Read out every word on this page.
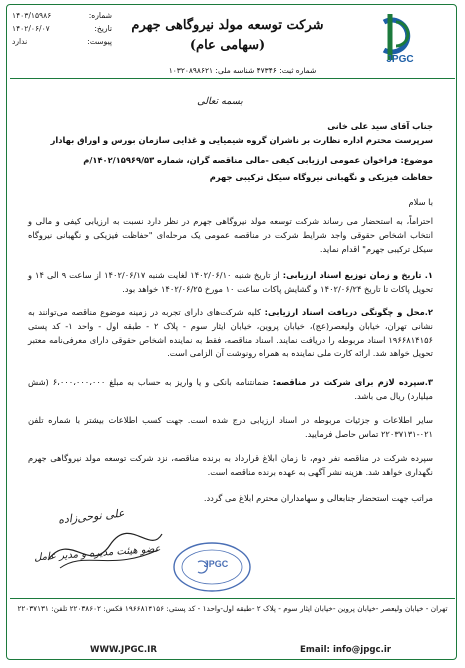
شماره:
۱۴۰۳/۱۵۹۸۶
تاریخ:
۱۴۰۲/۰۶/۰۷
پیوست:
ندارد
شرکت توسعه مولد نیروگاهی جهرم
(سهامی عام)
JPGC
شماره ثبت: ۴۷۳۴۶ شناسه ملی: ۱۰۳۲۰۸۹۸۶۲۱
بسمه تعالی
جناب آقای سید علی خانی
سرپرست محترم اداره نظارت بر ناشران گروه شیمیایی و غذایی سازمان بورس و اوراق بهادار
موضوع: فراخوان عمومی ارزیابی کیفی -مالی مناقصه گران، شماره ۱۴۰۲/۱۵۹۶۹/۵۳/م
حفاظت فیزیکی و نگهبانی نیروگاه سیکل ترکیبی جهرم
با سلام
احتراماً، به استحضار می رساند شرکت توسعه مولد نیروگاهی جهرم در نظر دارد نسبت به ارزیابی کیفی و مالی و انتخاب اشخاص حقوقی واجد شرایط شرکت در مناقصه عمومی یک مرحله‌ای "حفاظت فیزیکی و نگهبانی نیروگاه سیکل ترکیبی جهرم" اقدام نماید.
۱. تاریخ و زمان توزیع اسناد ارزیابی: از تاریخ شنبه ۱۴۰۲/۰۶/۱۰ لغایت شنبه ۱۴۰۲/۰۶/۱۷ از ساعت ۹ الی ۱۴ و تحویل پاکات تا تاریخ ۱۴۰۲/۰۶/۲۴ و گشایش پاکات ساعت ۱۰ مورخ ۱۴۰۲/۰۶/۲۵ خواهد بود.
۲.محل و چگونگی دریافت اسناد ارزیابی: کلیه شرکت‌های دارای تجربه در زمینه موضوع مناقصه می‌توانند به نشانی تهران، خیابان ولیعصر(عج)، خیابان پروین، خیابان ایثار سوم - پلاک ۲ - طبقه اول - واحد ۱- کد پستی ۱۹۶۶۸۱۴۱۵۶ اسناد مربوطه را دریافت نمایند. اسناد مناقصه، فقط به نماینده اشخاص حقوقی دارای معرفی‌نامه معتبر تحویل خواهد شد. ارائه کارت ملی نماینده به همراه رونوشت آن الزامی است.
۳.سپرده لازم برای شرکت در مناقصه: ضمانتنامه بانکی و یا واریز به حساب به مبلغ ۶،۰۰۰،۰۰۰،۰۰۰ (شش میلیارد) ریال می باشد.
سایر اطلاعات و جزئیات مربوطه در اسناد ارزیابی درج شده است. جهت کسب اطلاعات بیشتر با شماره تلفن ۰۲۱-۲۲۰۳۷۱۳۱ تماس حاصل فرمایید.
سپرده شرکت در مناقصه نفر دوم، تا زمان ابلاغ قرارداد به برنده مناقصه، نزد شرکت توسعه مولد نیروگاهی جهرم نگهداری خواهد شد. هزینه نشر آگهی به عهده برنده مناقصه است.
مراتب جهت استحضار جنابعالی و سهامداران محترم ابلاغ می گردد.
علی نوحی‌زاده
عضو هیئت مدیره و مدیر عامل
JPGC
تهران - خیابان ولیعصر -خیابان پروین -خیابان ایثار سوم - پلاک ۲ -طبقه اول-واحد۱ - کد پستی: ۱۹۶۶۸۱۴۱۵۶ فکس: ۲۲۰۳۸۶۰۲ تلفن: ۲۲۰۳۷۱۳۱
WWW.JPGC.IR	Email: info@jpgc.ir
